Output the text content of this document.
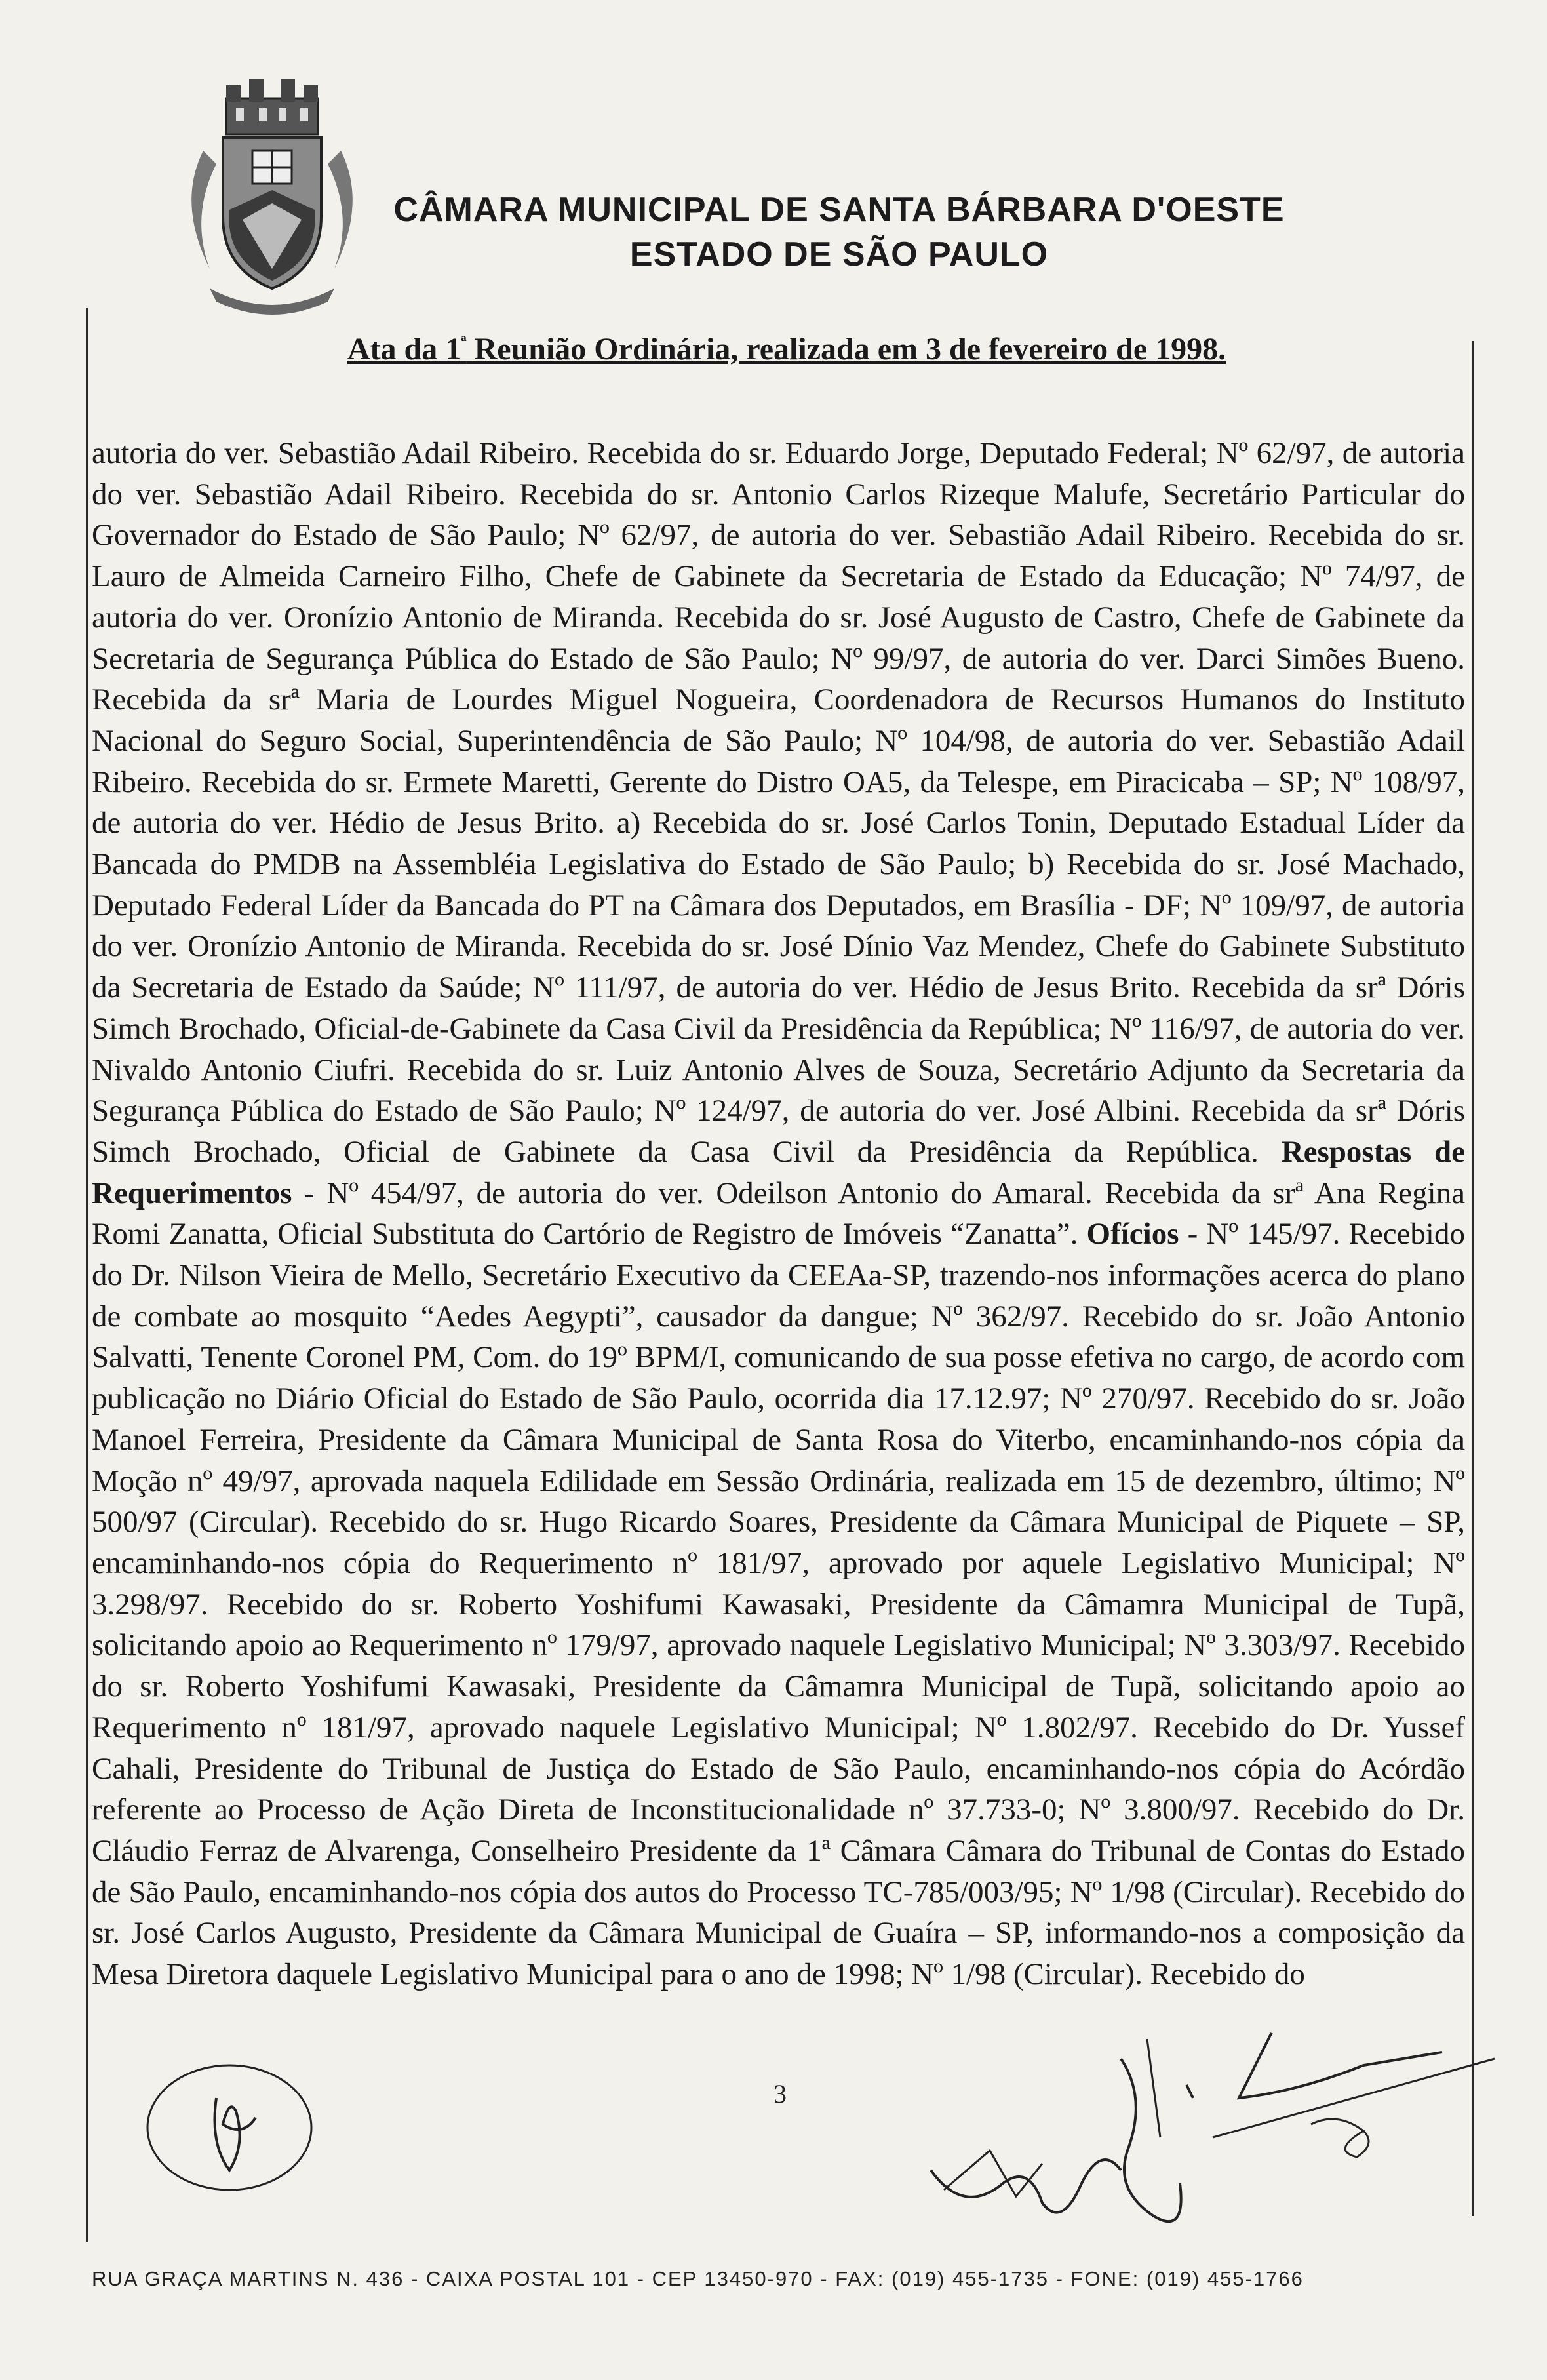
CÂMARA MUNICIPAL DE SANTA BÁRBARA D'OESTE
ESTADO DE SÃO PAULO
Ata da $1^ª$ Reunião Ordinária, realizada em 3 de fevereiro de 1998.
autoria do ver. Sebastião Adail Ribeiro. Recebida do sr. Eduardo Jorge, Deputado Federal; Nº 62/97, de autoria do ver. Sebastião Adail Ribeiro. Recebida do sr. Antonio Carlos Rizeque Malufe, Secretário Particular do Governador do Estado de São Paulo; Nº 62/97, de autoria do ver. Sebastião Adail Ribeiro. Recebida do sr. Lauro de Almeida Carneiro Filho, Chefe de Gabinete da Secretaria de Estado da Educação; Nº 74/97, de autoria do ver. Oronízio Antonio de Miranda. Recebida do sr. José Augusto de Castro, Chefe de Gabinete da Secretaria de Segurança Pública do Estado de São Paulo; Nº 99/97, de autoria do ver. Darci Simões Bueno. Recebida da srª Maria de Lourdes Miguel Nogueira, Coordenadora de Recursos Humanos do Instituto Nacional do Seguro Social, Superintendência de São Paulo; Nº 104/98, de autoria do ver. Sebastião Adail Ribeiro. Recebida do sr. Ermete Maretti, Gerente do Distro OA5, da Telespe, em Piracicaba – SP; Nº 108/97, de autoria do ver. Hédio de Jesus Brito. a) Recebida do sr. José Carlos Tonin, Deputado Estadual Líder da Bancada do PMDB na Assembléia Legislativa do Estado de São Paulo; b) Recebida do sr. José Machado, Deputado Federal Líder da Bancada do PT na Câmara dos Deputados, em Brasília - DF; Nº 109/97, de autoria do ver. Oronízio Antonio de Miranda. Recebida do sr. José Dínio Vaz Mendez, Chefe do Gabinete Substituto da Secretaria de Estado da Saúde; Nº 111/97, de autoria do ver. Hédio de Jesus Brito. Recebida da srª Dóris Simch Brochado, Oficial-de-Gabinete da Casa Civil da Presidência da República; Nº 116/97, de autoria do ver. Nivaldo Antonio Ciufri. Recebida do sr. Luiz Antonio Alves de Souza, Secretário Adjunto da Secretaria da Segurança Pública do Estado de São Paulo; Nº 124/97, de autoria do ver. José Albini. Recebida da srª Dóris Simch Brochado, Oficial de Gabinete da Casa Civil da Presidência da República. Respostas de Requerimentos - Nº 454/97, de autoria do ver. Odeilson Antonio do Amaral. Recebida da srª Ana Regina Romi Zanatta, Oficial Substituta do Cartório de Registro de Imóveis “Zanatta”. Ofícios - Nº 145/97. Recebido do Dr. Nilson Vieira de Mello, Secretário Executivo da CEEAa-SP, trazendo-nos informações acerca do plano de combate ao mosquito “Aedes Aegypti”, causador da dangue; Nº 362/97. Recebido do sr. João Antonio Salvatti, Tenente Coronel PM, Com. do 19º BPM/I, comunicando de sua posse efetiva no cargo, de acordo com publicação no Diário Oficial do Estado de São Paulo, ocorrida dia 17.12.97; Nº 270/97. Recebido do sr. João Manoel Ferreira, Presidente da Câmara Municipal de Santa Rosa do Viterbo, encaminhando-nos cópia da Moção nº 49/97, aprovada naquela Edilidade em Sessão Ordinária, realizada em 15 de dezembro, último; Nº 500/97 (Circular). Recebido do sr. Hugo Ricardo Soares, Presidente da Câmara Municipal de Piquete – SP, encaminhando-nos cópia do Requerimento nº 181/97, aprovado por aquele Legislativo Municipal; Nº 3.298/97. Recebido do sr. Roberto Yoshifumi Kawasaki, Presidente da Câmamra Municipal de Tupã, solicitando apoio ao Requerimento nº 179/97, aprovado naquele Legislativo Municipal; Nº 3.303/97. Recebido do sr. Roberto Yoshifumi Kawasaki, Presidente da Câmamra Municipal de Tupã, solicitando apoio ao Requerimento nº 181/97, aprovado naquele Legislativo Municipal; Nº 1.802/97. Recebido do Dr. Yussef Cahali, Presidente do Tribunal de Justiça do Estado de São Paulo, encaminhando-nos cópia do Acórdão referente ao Processo de Ação Direta de Inconstitucionalidade nº 37.733-0; Nº 3.800/97. Recebido do Dr. Cláudio Ferraz de Alvarenga, Conselheiro Presidente da 1ª Câmara Câmara do Tribunal de Contas do Estado de São Paulo, encaminhando-nos cópia dos autos do Processo TC-785/003/95; Nº 1/98 (Circular). Recebido do sr. José Carlos Augusto, Presidente da Câmara Municipal de Guaíra – SP, informando-nos a composição da Mesa Diretora daquele Legislativo Municipal para o ano de 1998; Nº 1/98 (Circular). Recebido do
3
RUA GRAÇA MARTINS N. 436 - CAIXA POSTAL 101 - CEP 13450-970 - FAX: (019) 455-1735 - FONE: (019) 455-1766
